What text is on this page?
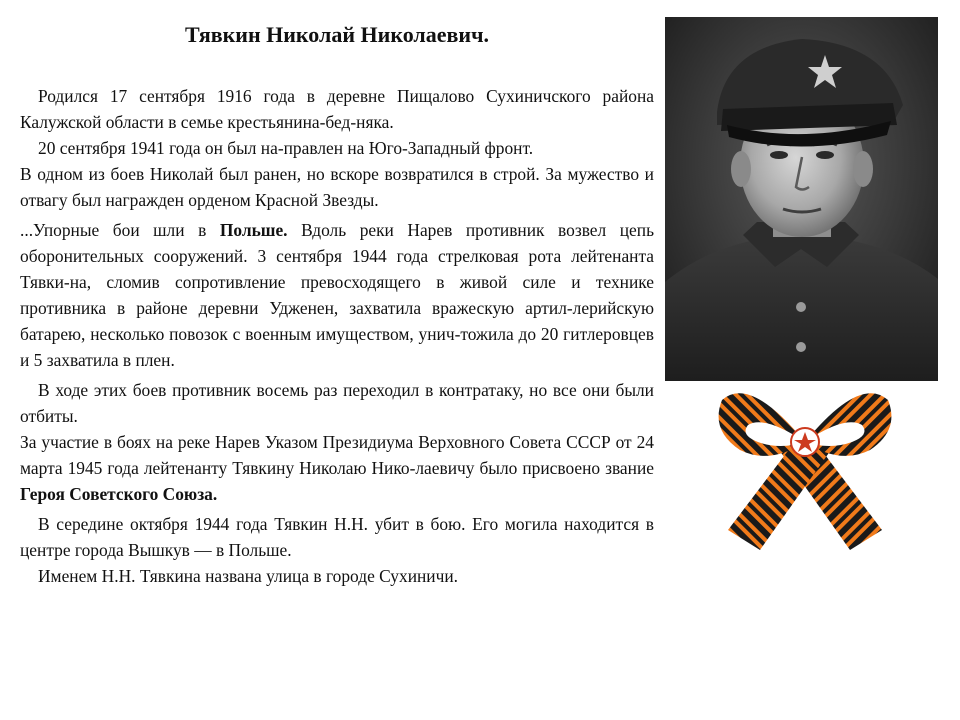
Тявкин Николай Николаевич.

Родился 17 сентября 1916 года в деревне Пищалово Сухиничского района Калужской области в семье крестьянина-бед-няка.

20 сентября 1941 года он был на-правлен на Юго-Западный фронт.

В одном из боев Николай был ранен, но вскоре возвратился в строй. За мужество и отвагу был награжден орденом Красной Звезды.

...Упорные бои шли в Польше. Вдоль реки Нарев противник возвел цепь оборонительных сооружений. 3 сентября 1944 года стрелковая рота лейтенанта Тявки-на, сломив сопротивление превосходящего в живой силе и технике противника в районе деревни Удженен, захватила вражескую артил-лерийскую батарею, несколько повозок с военным имуществом, унич-тожила до 20 гитлеровцев и 5 захватила в плен.

В ходе этих боев противник восемь раз переходил в контратаку, но все они были отбиты.

За участие в боях на реке Нарев Указом Президиума Верховного Совета СССР от 24 марта 1945 года лейтенанту Тявкину Николаю Нико-лаевичу было присвоено звание Героя Советского Союза.

В середине октября 1944 года Тявкин Н.Н. убит в бою. Его могила находится в центре города Вышкув — в Польше.

Именем Н.Н. Тявкина названа улица в городе Сухиничи.
